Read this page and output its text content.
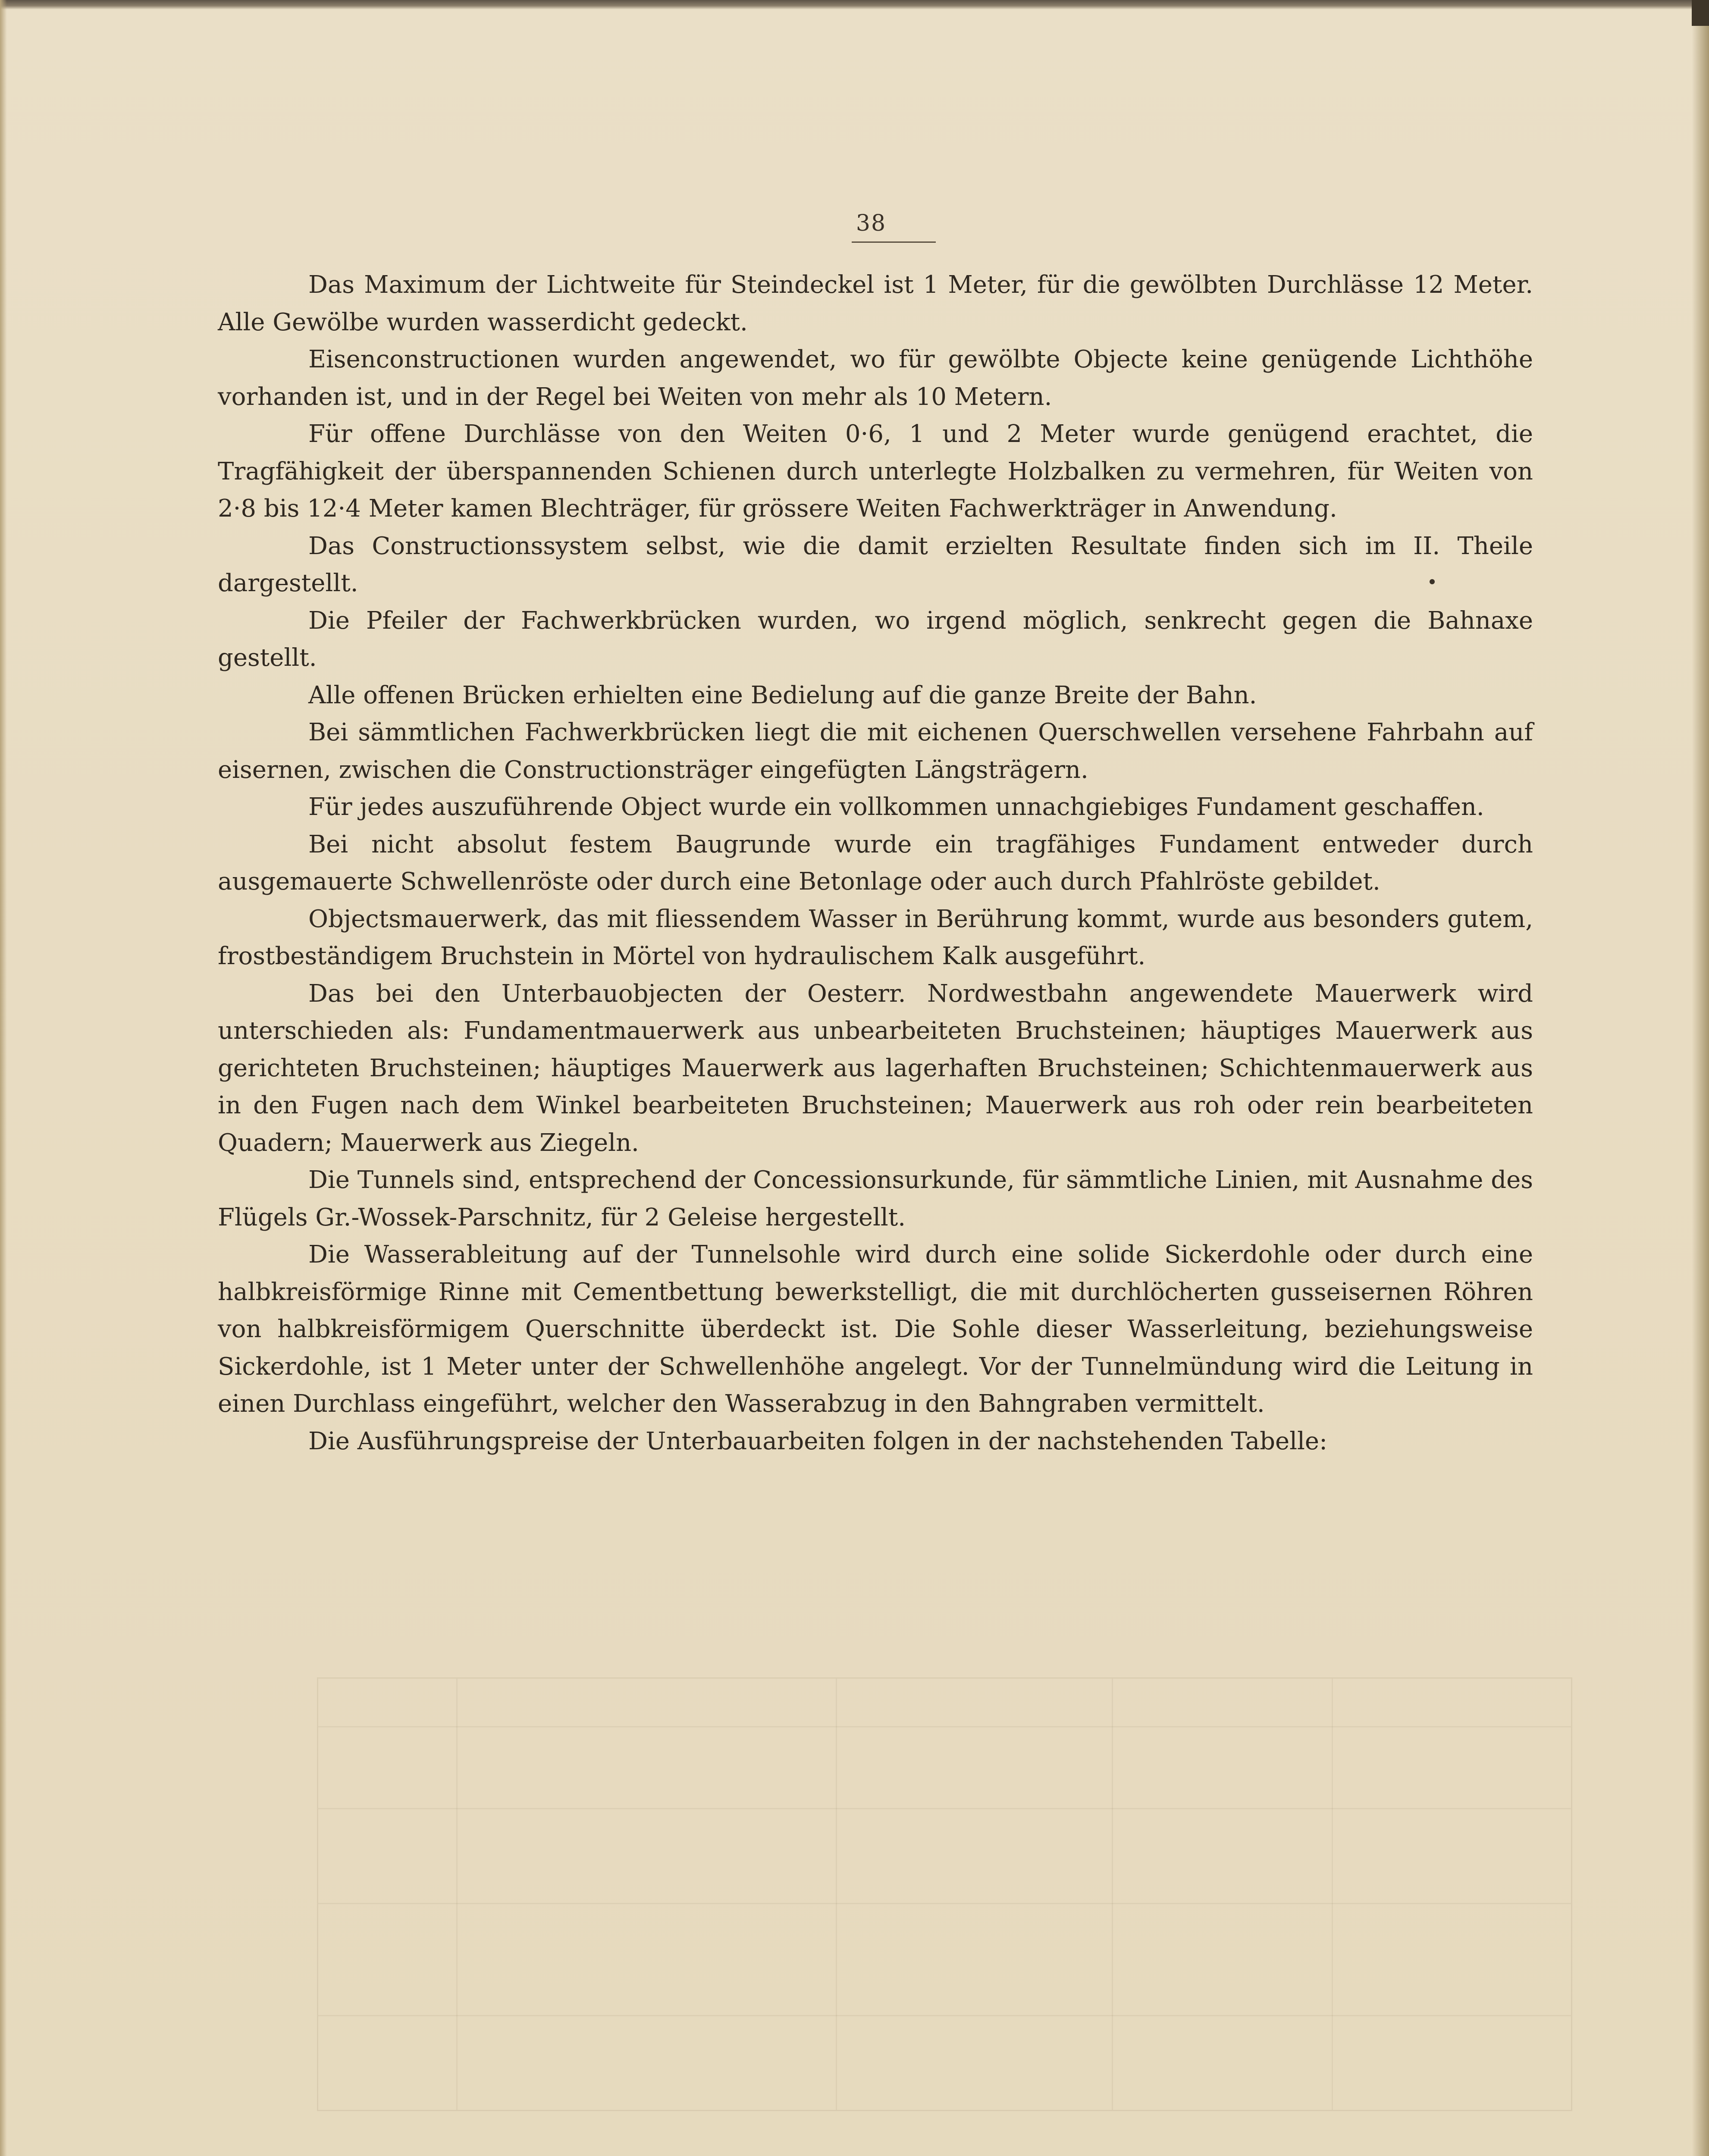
38

Das Maximum der Lichtweite für Steindeckel ist 1 Meter, für die gewölbten Durchlässe 12 Meter. Alle Gewölbe wurden wasserdicht gedeckt.

Eisenconstructionen wurden angewendet, wo für gewölbte Objecte keine genügende Lichthöhe vorhanden ist, und in der Regel bei Weiten von mehr als 10 Metern.

Für offene Durchlässe von den Weiten 0·6, 1 und 2 Meter wurde genügend erachtet, die Tragfähigkeit der überspannenden Schienen durch unterlegte Holzbalken zu vermehren, für Weiten von 2·8 bis 12·4 Meter kamen Blechträger, für grössere Weiten Fachwerkträger in Anwendung.

Das Constructionssystem selbst, wie die damit erzielten Resultate finden sich im II. Theile dargestellt.

Die Pfeiler der Fachwerkbrücken wurden, wo irgend möglich, senkrecht gegen die Bahnaxe gestellt.

Alle offenen Brücken erhielten eine Bedielung auf die ganze Breite der Bahn.

Bei sämmtlichen Fachwerkbrücken liegt die mit eichenen Querschwellen versehene Fahrbahn auf eisernen, zwischen die Constructionsträger eingefügten Längsträgern.

Für jedes auszuführende Object wurde ein vollkommen unnachgiebiges Fundament geschaffen.

Bei nicht absolut festem Baugrunde wurde ein tragfähiges Fundament entweder durch ausgemauerte Schwellenröste oder durch eine Betonlage oder auch durch Pfahlröste gebildet.

Objectsmauerwerk, das mit fliessendem Wasser in Berührung kommt, wurde aus besonders gutem, frostbeständigem Bruchstein in Mörtel von hydraulischem Kalk ausgeführt.

Das bei den Unterbauobjecten der Oesterr. Nordwestbahn angewendete Mauerwerk wird unterschieden als: Fundamentmauerwerk aus unbearbeiteten Bruchsteinen; häuptiges Mauerwerk aus gerichteten Bruchsteinen; häuptiges Mauerwerk aus lagerhaften Bruchsteinen; Schichtenmauerwerk aus in den Fugen nach dem Winkel bearbeiteten Bruchsteinen; Mauerwerk aus roh oder rein bearbeiteten Quadern; Mauerwerk aus Ziegeln.

Die Tunnels sind, entsprechend der Concessionsurkunde, für sämmtliche Linien, mit Ausnahme des Flügels Gr.-Wossek-Parschnitz, für 2 Geleise hergestellt.

Die Wasserableitung auf der Tunnelsohle wird durch eine solide Sickerdohle oder durch eine halbkreisförmige Rinne mit Cementbettung bewerkstelligt, die mit durchlöcherten gusseisernen Röhren von halbkreisförmigem Querschnitte überdeckt ist. Die Sohle dieser Wasserleitung, beziehungsweise Sickerdohle, ist 1 Meter unter der Schwellenhöhe angelegt. Vor der Tunnelmündung wird die Leitung in einen Durchlass eingeführt, welcher den Wasserabzug in den Bahngraben vermittelt.

Die Ausführungspreise der Unterbauarbeiten folgen in der nachstehenden Tabelle:
